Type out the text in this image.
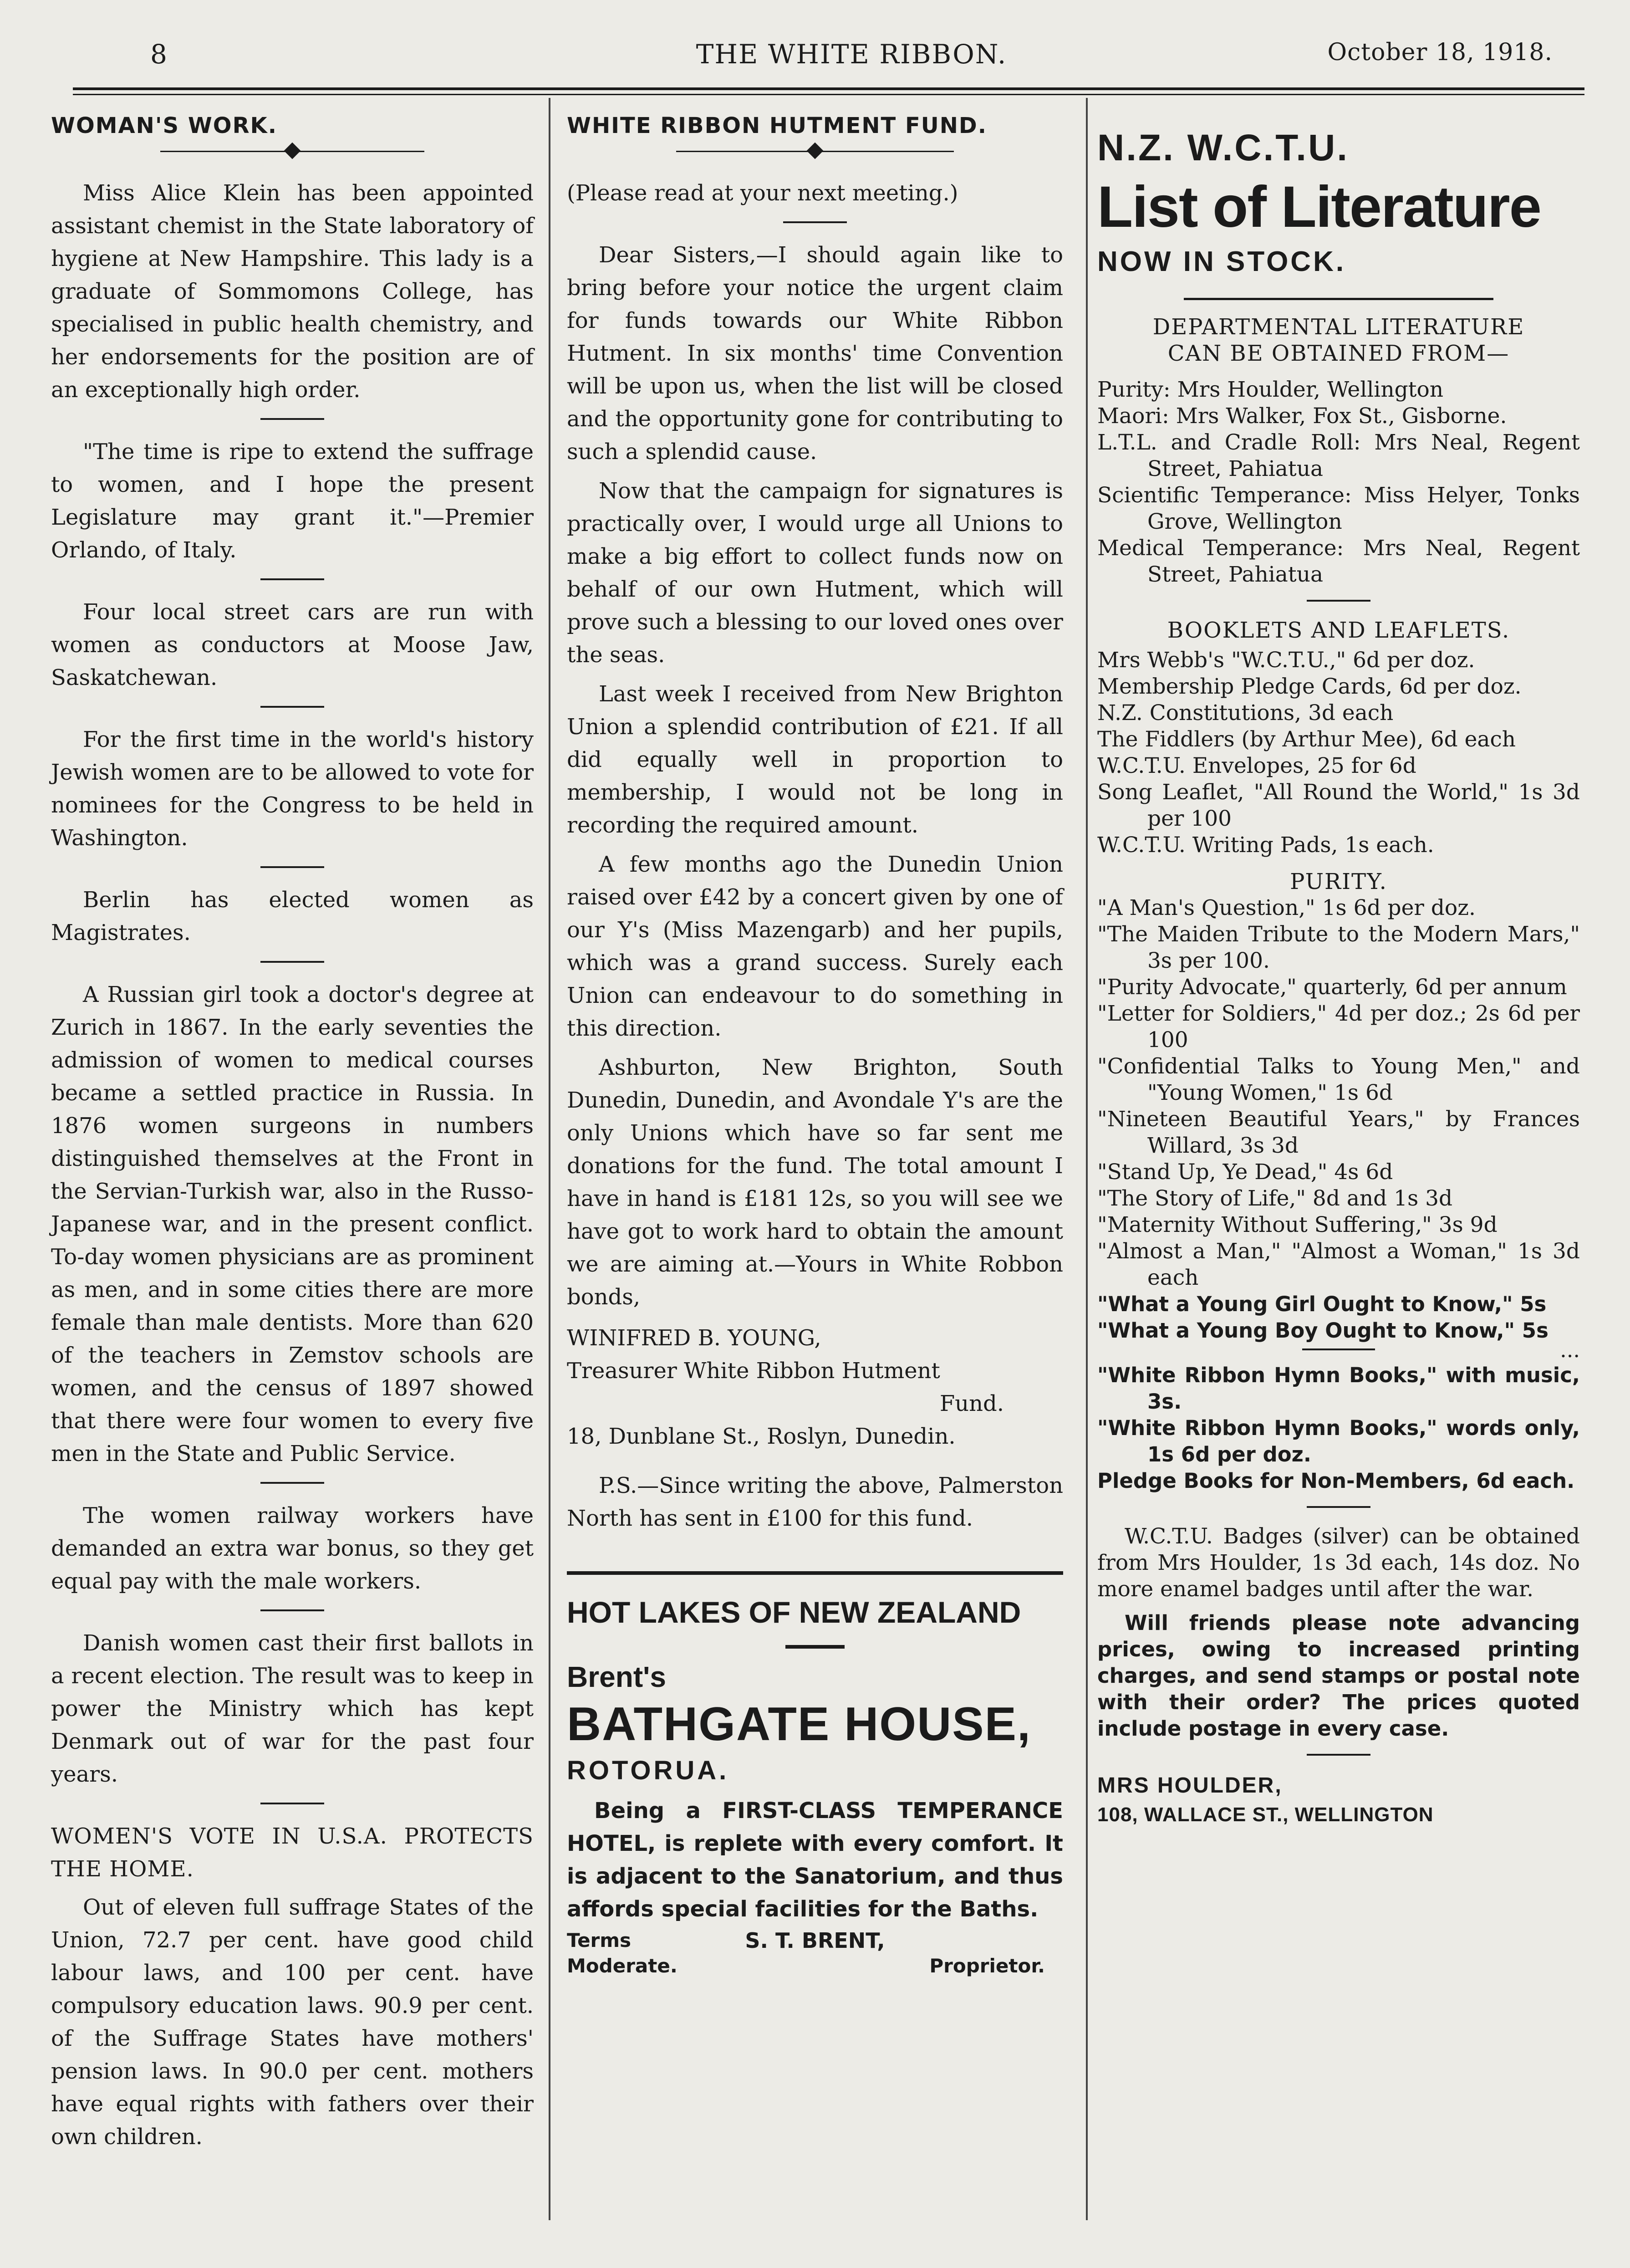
8	THE WHITE RIBBON.	October 18, 1918.

WOMAN'S WORK.

Miss Alice Klein has been appointed assistant chemist in the State laboratory of hygiene at New Hampshire. This lady is a graduate of Sommomons College, has specialised in public health chemistry, and her endorsements for the position are of an exceptionally high order.

"The time is ripe to extend the suffrage to women, and I hope the present Legislature may grant it."—Premier Orlando, of Italy.

Four local street cars are run with women as conductors at Moose Jaw, Saskatchewan.

For the first time in the world's history Jewish women are to be allowed to vote for nominees for the Congress to be held in Washington.

Berlin has elected women as Magistrates.

A Russian girl took a doctor's degree at Zurich in 1867. In the early seventies the admission of women to medical courses became a settled practice in Russia. In 1876 women surgeons in numbers distinguished themselves at the Front in the Servian-Turkish war, also in the Russo-Japanese war, and in the present conflict. To-day women physicians are as prominent as men, and in some cities there are more female than male dentists. More than 620 of the teachers in Zemstov schools are women, and the census of 1897 showed that there were four women to every five men in the State and Public Service.

The women railway workers have demanded an extra war bonus, so they get equal pay with the male workers.

Danish women cast their first ballots in a recent election. The result was to keep in power the Ministry which has kept Denmark out of war for the past four years.

WOMEN'S VOTE IN U.S.A. PROTECTS THE HOME.

Out of eleven full suffrage States of the Union, 72.7 per cent. have good child labour laws, and 100 per cent. have compulsory education laws. 90.9 per cent. of the Suffrage States have mothers' pension laws. In 90.0 per cent. mothers have equal rights with fathers over their own children.

WHITE RIBBON HUTMENT FUND.

(Please read at your next meeting.)

Dear Sisters,—I should again like to bring before your notice the urgent claim for funds towards our White Ribbon Hutment. In six months' time Convention will be upon us, when the list will be closed and the opportunity gone for contributing to such a splendid cause.

Now that the campaign for signatures is practically over, I would urge all Unions to make a big effort to collect funds now on behalf of our own Hutment, which will prove such a blessing to our loved ones over the seas.

Last week I received from New Brighton Union a splendid contribution of £21. If all did equally well in proportion to membership, I would not be long in recording the required amount.

A few months ago the Dunedin Union raised over £42 by a concert given by one of our Y's (Miss Mazengarb) and her pupils, which was a grand success. Surely each Union can endeavour to do something in this direction.

Ashburton, New Brighton, South Dunedin, Dunedin, and Avondale Y's are the only Unions which have so far sent me donations for the fund. The total amount I have in hand is £181 12s, so you will see we have got to work hard to obtain the amount we are aiming at.—Yours in White Robbon bonds,

WINIFRED B. YOUNG,

Treasurer White Ribbon Hutment

Fund.

18, Dunblane St., Roslyn, Dunedin.

P.S.—Since writing the above, Palmerston North has sent in £100 for this fund.

HOT LAKES OF NEW ZEALAND

Brent's

BATHGATE HOUSE,

ROTORUA.

Being a FIRST-CLASS TEMPERANCE HOTEL, is replete with every comfort. It is adjacent to the Sanatorium, and thus affords special facilities for the Baths.

Terms
Moderate.
S. T. BRENT,
Proprietor.

N.Z. W.C.T.U.

List of Literature

NOW IN STOCK.

DEPARTMENTAL LITERATURE

CAN BE OBTAINED FROM—

Purity: Mrs Houlder, Wellington

Maori: Mrs Walker, Fox St., Gisborne.

L.T.L. and Cradle Roll: Mrs Neal, Regent Street, Pahiatua

Scientific Temperance: Miss Helyer, Tonks Grove, Wellington

Medical Temperance: Mrs Neal, Regent Street, Pahiatua

BOOKLETS AND LEAFLETS.

Mrs Webb's "W.C.T.U.," 6d per doz.

Membership Pledge Cards, 6d per doz.

N.Z. Constitutions, 3d each

The Fiddlers (by Arthur Mee), 6d each

W.C.T.U. Envelopes, 25 for 6d

Song Leaflet, "All Round the World," 1s 3d per 100

W.C.T.U. Writing Pads, 1s each.

PURITY.

"A Man's Question," 1s 6d per doz.

"The Maiden Tribute to the Modern Mars," 3s per 100.

"Purity Advocate," quarterly, 6d per annum

"Letter for Soldiers," 4d per doz.; 2s 6d per 100

"Confidential Talks to Young Men," and "Young Women," 1s 6d

"Nineteen Beautiful Years," by Frances Willard, 3s 3d

"Stand Up, Ye Dead," 4s 6d

"The Story of Life," 8d and 1s 3d

"Maternity Without Suffering," 3s 9d

"Almost a Man," "Almost a Woman," 1s 3d each

"What a Young Girl Ought to Know," 5s

"What a Young Boy Ought to Know," 5s

...

"White Ribbon Hymn Books," with music, 3s.

"White Ribbon Hymn Books," words only, 1s 6d per doz.

Pledge Books for Non-Members, 6d each.

W.C.T.U. Badges (silver) can be obtained from Mrs Houlder, 1s 3d each, 14s doz. No more enamel badges until after the war.

Will friends please note advancing prices, owing to increased printing charges, and send stamps or postal note with their order? The prices quoted include postage in every case.

MRS HOULDER,

108, WALLACE ST., WELLINGTON
